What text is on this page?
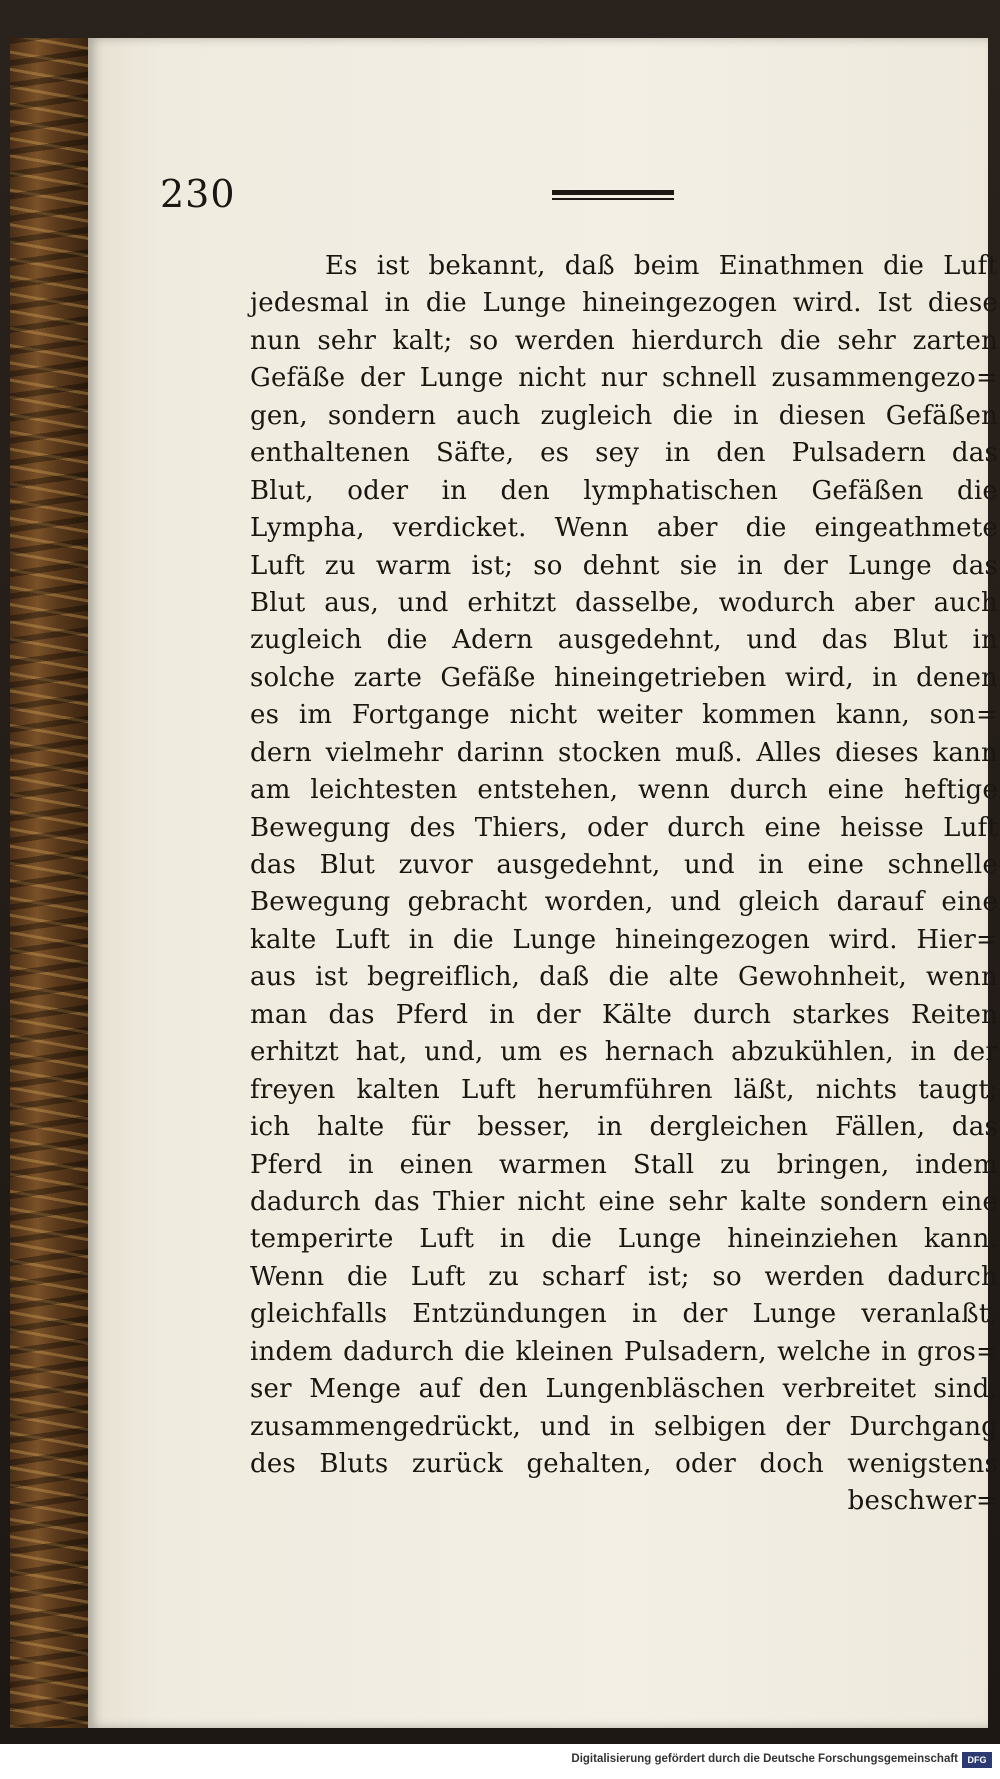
230
Es ist bekannt, daß beim Einathmen die Luft
jedesmal in die Lunge hineingezogen wird. Ist diese
nun sehr kalt; so werden hierdurch die sehr zarten
Gefäße der Lunge nicht nur schnell zusammengezo=
gen, sondern auch zugleich die in diesen Gefäßen
enthaltenen Säfte, es sey in den Pulsadern das
Blut, oder in den lymphatischen Gefäßen die
Lympha, verdicket. Wenn aber die eingeathmete
Luft zu warm ist; so dehnt sie in der Lunge das
Blut aus, und erhitzt dasselbe, wodurch aber auch
zugleich die Adern ausgedehnt, und das Blut in
solche zarte Gefäße hineingetrieben wird, in denen
es im Fortgange nicht weiter kommen kann, son=
dern vielmehr darinn stocken muß. Alles dieses kann
am leichtesten entstehen, wenn durch eine heftige
Bewegung des Thiers, oder durch eine heisse Luft
das Blut zuvor ausgedehnt, und in eine schnelle
Bewegung gebracht worden, und gleich darauf eine
kalte Luft in die Lunge hineingezogen wird. Hier=
aus ist begreiflich, daß die alte Gewohnheit, wenn
man das Pferd in der Kälte durch starkes Reiten
erhitzt hat, und, um es hernach abzukühlen, in der
freyen kalten Luft herumführen läßt, nichts taugt;
ich halte für besser, in dergleichen Fällen, das
Pferd in einen warmen Stall zu bringen, indem
dadurch das Thier nicht eine sehr kalte sondern eine
temperirte Luft in die Lunge hineinziehen kann.
Wenn die Luft zu scharf ist; so werden dadurch
gleichfalls Entzündungen in der Lunge veranlaßt,
indem dadurch die kleinen Pulsadern, welche in gros=
ser Menge auf den Lungenbläschen verbreitet sind,
zusammengedrückt, und in selbigen der Durchgang
des Bluts zurück gehalten, oder doch wenigstens
beschwer=
Digitalisierung gefördert durch die Deutsche Forschungsgemeinschaft	DFG
